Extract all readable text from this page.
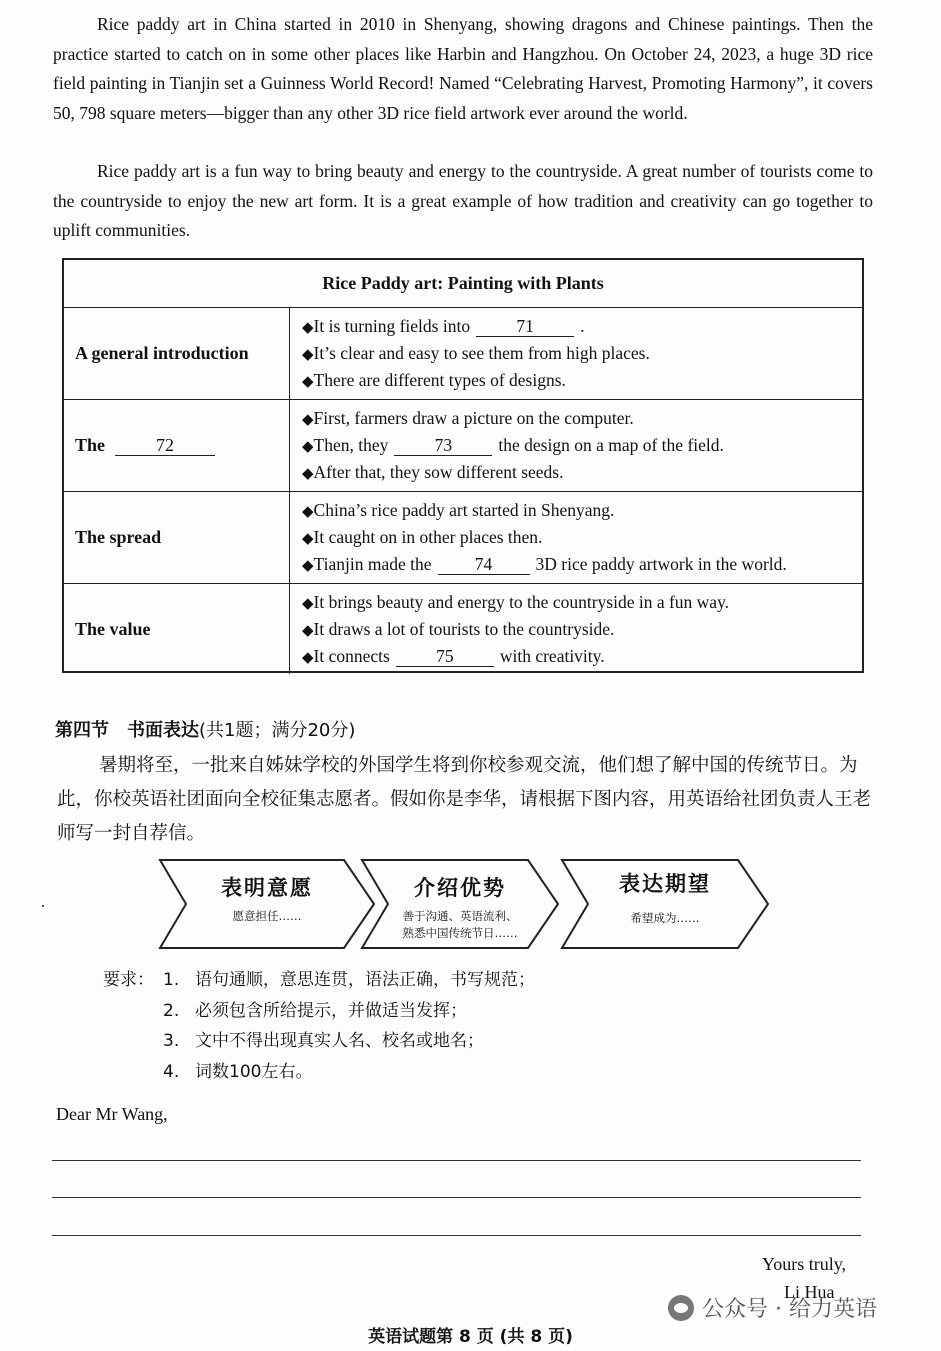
Rice paddy art in China started in 2010 in Shenyang, showing dragons and Chinese paintings. Then the practice started to catch on in some other places like Harbin and Hangzhou. On October 24, 2023, a huge 3D rice field painting in Tianjin set a Guinness World Record! Named “Celebrating Harvest, Promoting Harmony”, it covers 50, 798 square meters—bigger than any other 3D rice field artwork ever around the world.

Rice paddy art is a fun way to bring beauty and energy to the countryside. A great number of tourists come to the countryside to enjoy the new art form. It is a great example of how tradition and creativity can go together to uplift communities.

Rice Paddy art: Painting with Plants
A general introduction
◆It is turning fields into	71	.
◆It’s clear and easy to see them from high places.
◆There are different types of designs.
The	72
◆First, farmers draw a picture on the computer.
◆Then, they	73	the design on a map of the field.
◆After that, they sow different seeds.
The spread
◆China’s rice paddy art started in Shenyang.
◆It caught on in other places then.
◆Tianjin made the 74 3D rice paddy artwork in the world.
The value
◆It brings beauty and energy to the countryside in a fun way.
◆It draws a lot of tourists to the countryside.
◆It connects	75	with creativity.
第四节　书面表达(共1题；满分20分)

暑期将至，一批来自姊妹学校的外国学生将到你校参观交流，他们想了解中国的传统节日。为此，你校英语社团面向全校征集志愿者。假如你是李华，请根据下图内容，用英语给社团负责人王老师写一封自荐信。

表明意愿
愿意担任……
介绍优势
善于沟通、英语流利、
熟悉中国传统节日……
表达期望
希望成为……
要求： 1. 语句通顺，意思连贯，语法正确，书写规范；
2. 必须包含所给提示，并做适当发挥；
3. 文中不得出现真实人名、校名或地名；
4. 词数100左右。
Dear Mr Wang,
Yours truly,
Li Hua
公众号 · 给力英语
英语试题第 8 页 (共 8 页)
